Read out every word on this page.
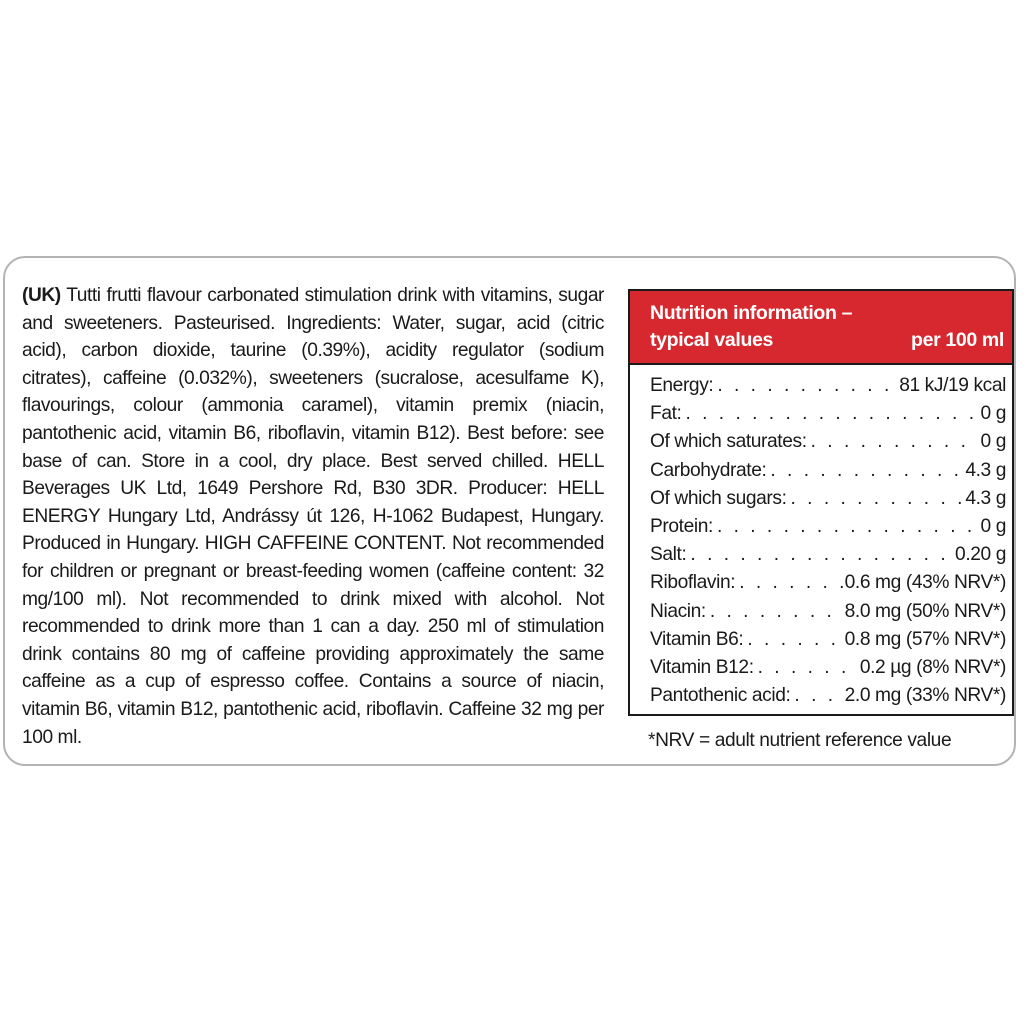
(UK) Tutti frutti flavour carbonated stimulation drink with vitamins, sugar and sweeteners. Pasteurised. Ingredients: Water, sugar, acid (citric acid), carbon dioxide, taurine (0.39%), acidity regulator (sodium citrates), caffeine (0.032%), sweeteners (sucralose, acesulfame K), flavourings, colour (ammonia caramel), vitamin premix (niacin, pantothenic acid, vitamin B6, riboflavin, vitamin B12). Best before: see base of can. Store in a cool, dry place. Best served chilled. HELL Beverages UK Ltd, 1649 Pershore Rd, B30 3DR. Producer: HELL ENERGY Hungary Ltd, Andrássy út 126, H-1062 Budapest, Hungary. Produced in Hungary. HIGH CAFFEINE CONTENT. Not recommended for children or pregnant or breast-feeding women (caffeine content: 32 mg/100 ml). Not recommended to drink mixed with alcohol. Not recommended to drink more than 1 can a day. 250 ml of stimulation drink contains 80 mg of caffeine providing approximately the same caffeine as a cup of espresso coffee. Contains a source of niacin, vitamin B6, vitamin B12, pantothenic acid, riboflavin. Caffeine 32 mg per 100 ml.

Nutrition information –
typical values	per 100 ml
Energy: . . .	81 kJ/19 kcal
Fat: . . .	0 g
Of which saturates: . . .	0 g
Carbohydrate: . . .	4.3 g
Of which sugars: . . .	4.3 g
Protein: . . .	0 g
Salt: . . .	0.20 g
Riboflavin: . . .	0.6 mg (43% NRV*)
Niacin: . . .	8.0 mg (50% NRV*)
Vitamin B6: . . .	0.8 mg (57% NRV*)
Vitamin B12: . . .	0.2 µg (8% NRV*)
Pantothenic acid: . . .	2.0 mg (33% NRV*)

*NRV = adult nutrient reference value
